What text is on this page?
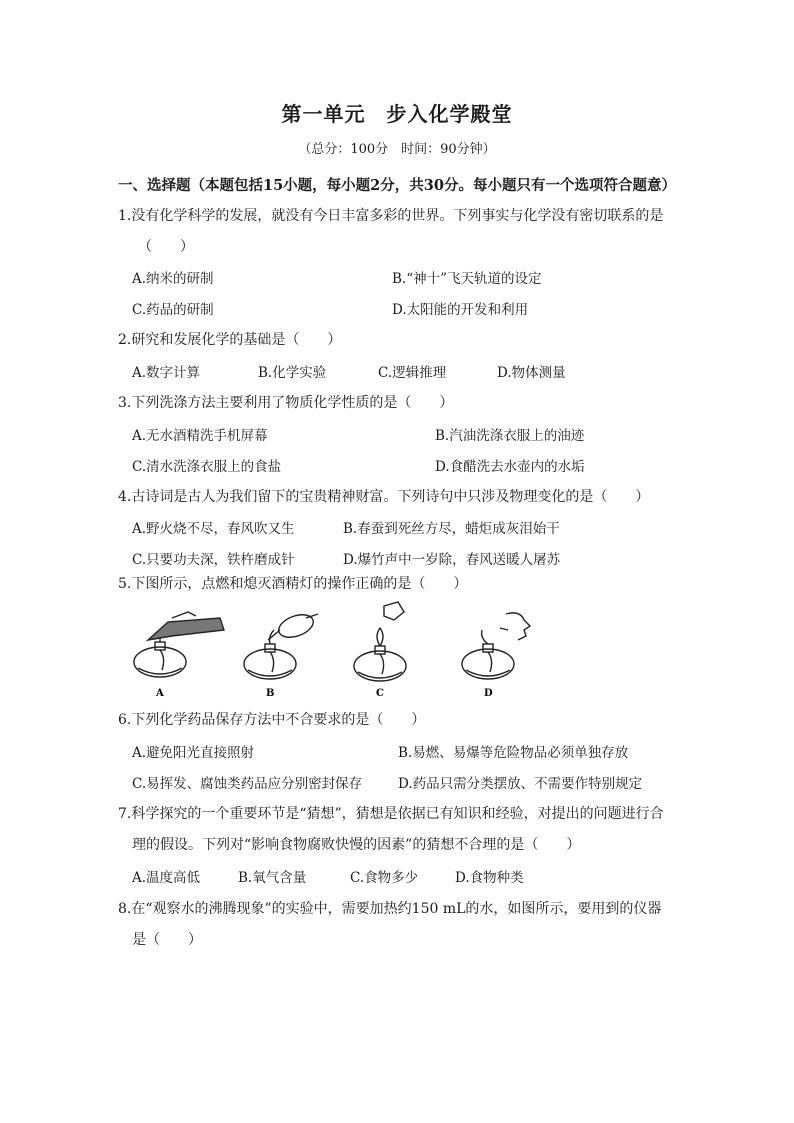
第一单元　步入化学殿堂
（总分：100分　时间：90分钟）
一、选择题（本题包括15小题，每小题2分，共30分。每小题只有一个选项符合题意）
1.没有化学科学的发展，就没有今日丰富多彩的世界。下列事实与化学没有密切联系的是
（　　）
A.纳米的研制	B.“神十”飞天轨道的设定
C.药品的研制	D.太阳能的开发和利用
2.研究和发展化学的基础是（　　）
A.数字计算	B.化学实验	C.逻辑推理	D.物体测量
3.下列洗涤方法主要利用了物质化学性质的是（　　）
A.无水酒精洗手机屏幕	B.汽油洗涤衣服上的油迹
C.清水洗涤衣服上的食盐	D.食醋洗去水壶内的水垢
4.古诗词是古人为我们留下的宝贵精神财富。下列诗句中只涉及物理变化的是（　　）
A.野火烧不尽，春风吹又生	B.春蚕到死丝方尽，蜡炬成灰泪始干
C.只要功夫深，铁杵磨成针	D.爆竹声中一岁除，春风送暖人屠苏
5.下图所示，点燃和熄灭酒精灯的操作正确的是（　　）
A	B	C	D
6.下列化学药品保存方法中不合要求的是（　　）
A.避免阳光直接照射	B.易燃、易爆等危险物品必须单独存放
C.易挥发、腐蚀类药品应分别密封保存	D.药品只需分类摆放、不需要作特别规定
7.科学探究的一个重要环节是“猜想”，猜想是依据已有知识和经验，对提出的问题进行合
理的假设。下列对“影响食物腐败快慢的因素”的猜想不合理的是（　　）
A.温度高低	B.氧气含量	C.食物多少	D.食物种类
8.在“观察水的沸腾现象”的实验中，需要加热约150 mL的水，如图所示，要用到的仪器
是（　　）
